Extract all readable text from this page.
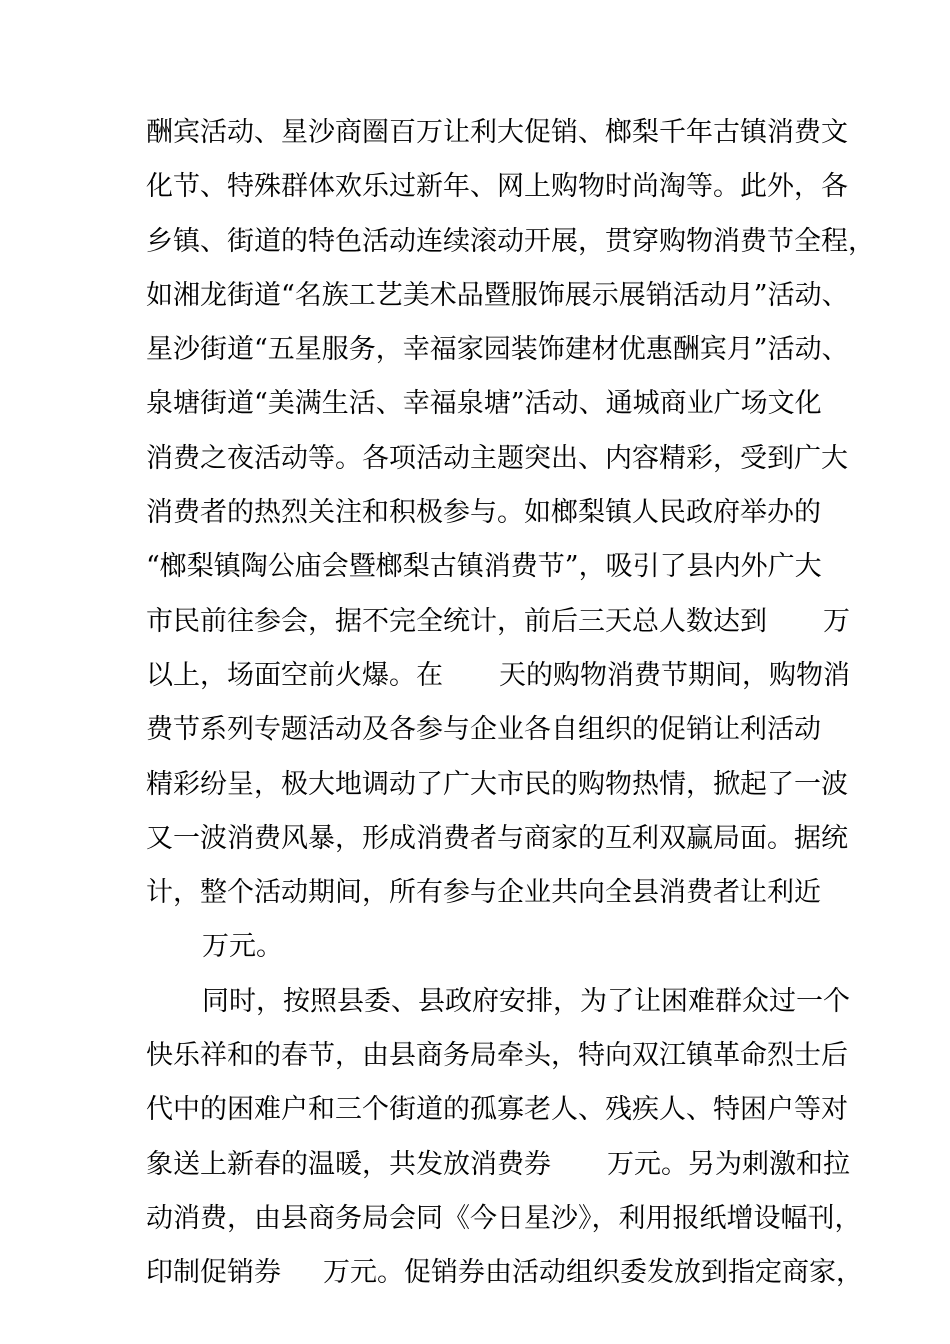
酬宾活动、星沙商圈百万让利大促销、榔梨千年古镇消费文
化节、特殊群体欢乐过新年、网上购物时尚淘等。此外，各
乡镇、街道的特色活动连续滚动开展，贯穿购物消费节全程，
如湘龙街道“名族工艺美术品暨服饰展示展销活动月”活动、
星沙街道“五星服务，幸福家园装饰建材优惠酬宾月”活动、
泉塘街道“美满生活、幸福泉塘”活动、通城商业广场文化
消费之夜活动等。各项活动主题突出、内容精彩，受到广大
消费者的热烈关注和积极参与。如榔梨镇人民政府举办的
“榔梨镇陶公庙会暨榔梨古镇消费节”，吸引了县内外广大
市民前往参会，据不完全统计，前后三天总人数达到 万
以上，场面空前火爆。在 天的购物消费节期间，购物消
费节系列专题活动及各参与企业各自组织的促销让利活动
精彩纷呈，极大地调动了广大市民的购物热情，掀起了一波
又一波消费风暴，形成消费者与商家的互利双赢局面。据统
计，整个活动期间，所有参与企业共向全县消费者让利近
万元。
同时，按照县委、县政府安排，为了让困难群众过一个
快乐祥和的春节，由县商务局牵头，特向双江镇革命烈士后
代中的困难户和三个街道的孤寡老人、残疾人、特困户等对
象送上新春的温暖，共发放消费券 万元。另为刺激和拉
动消费，由县商务局会同《今日星沙》，利用报纸增设幅刊，
印制促销券 万元。促销券由活动组织委发放到指定商家，
